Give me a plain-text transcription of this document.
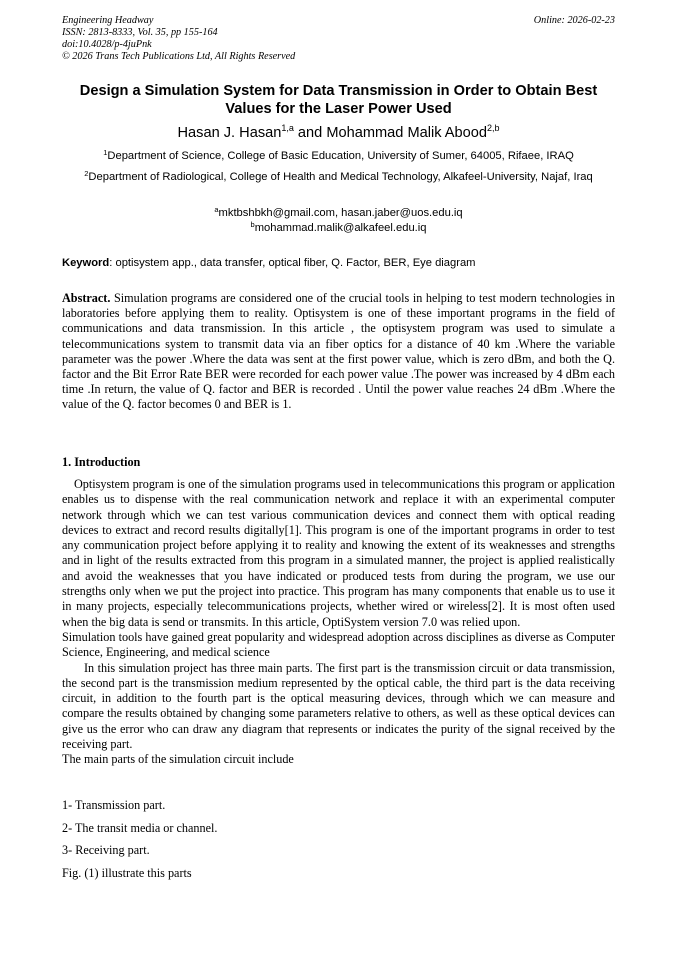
Engineering Headway
ISSN: 2813-8333, Vol. 35, pp 155-164
doi:10.4028/p-4juPnk
© 2026 Trans Tech Publications Ltd, All Rights Reserved
Online: 2026-02-23
Design a Simulation System for Data Transmission in Order to Obtain Best Values for the Laser Power Used
Hasan J. Hasan$^{1,a}$ and Mohammad Malik Abood$^{2,b}$
$^1$Department of Science, College of Basic Education, University of Sumer, 64005, Rifaee, IRAQ
$^2$Department of Radiological, College of Health and Medical Technology, Alkafeel-University, Najaf, Iraq
$^a$mktbshbkh@gmail.com, hasan.jaber@uos.edu.iq
$^b$mohammad.malik@alkafeel.edu.iq
Keyword: optisystem app., data transfer, optical fiber, Q. Factor, BER, Eye diagram
Abstract. Simulation programs are considered one of the crucial tools in helping to test modern technologies in laboratories before applying them to reality. Optisystem is one of these important programs in the field of communications and data transmission. In this article , the optisystem program was used to simulate a telecommunications system to transmit data via an fiber optics for a distance of 40 km .Where the variable parameter was the power .Where the data was sent at the first power value, which is zero dBm, and both the Q. factor and the Bit Error Rate BER were recorded for each power value .The power was increased by 4 dBm each time .In return, the value of Q. factor and BER is recorded . Until the power value reaches 24 dBm .Where the value of the Q. factor becomes 0 and BER is 1.
1. Introduction

Optisystem program is one of the simulation programs used in telecommunications this program or application enables us to dispense with the real communication network and replace it with an experimental computer network through which we can test various communication devices and connect them with optical reading devices to extract and record results digitally[1]. This program is one of the important programs in order to test any communication project before applying it to reality and knowing the extent of its weaknesses and strengths and in light of the results extracted from this program in a simulated manner, the project is applied realistically and avoid the weaknesses that you have indicated or produced tests from during the program, we use our strengths only when we put the project into practice. This program has many components that enable us to use it in many projects, especially telecommunications projects, whether wired or wireless[2]. It is most often used when the big data is send or transmits. In this article, OptiSystem version 7.0 was relied upon.

Simulation tools have gained great popularity and widespread adoption across disciplines as diverse as Computer Science, Engineering, and medical science

In this simulation project has three main parts. The first part is the transmission circuit or data transmission, the second part is the transmission medium represented by the optical cable, the third part is the data receiving circuit, in addition to the fourth part is the optical measuring devices, through which we can measure and compare the results obtained by changing some parameters relative to others, as well as these optical devices can give us the error who can draw any diagram that represents or indicates the purity of the signal received by the receiving part.

The main parts of the simulation circuit include

1- Transmission part.
2- The transit media or channel.
3- Receiving part.
Fig. (1) illustrate this parts
